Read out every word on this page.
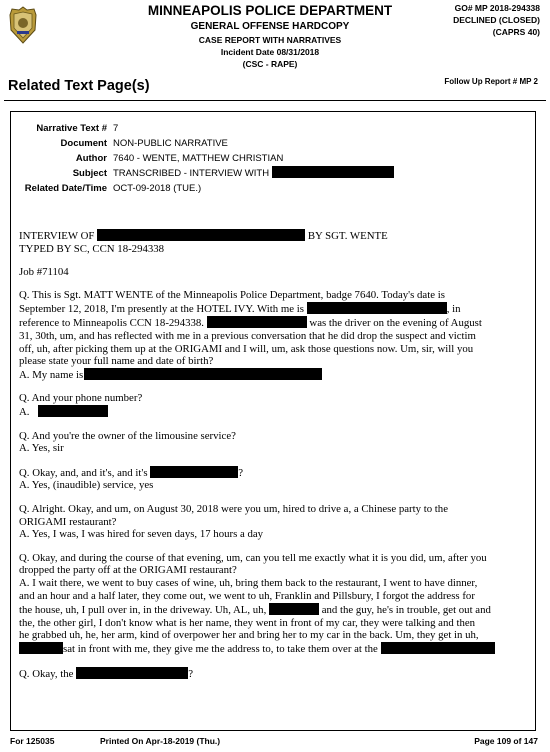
MINNEAPOLIS POLICE DEPARTMENT
GENERAL OFFENSE HARDCOPY
CASE REPORT WITH NARRATIVES
Incident Date 08/31/2018
(CSC - RAPE)
GO# MP 2018-294338
DECLINED (CLOSED)
(CAPRS 40)
Related Text Page(s)	Follow Up Report # MP 2
Narrative Text # 7
Document NON-PUBLIC NARRATIVE
Author 7640 - WENTE, MATTHEW CHRISTIAN
Subject TRANSCRIBED - INTERVIEW WITH
Related Date/Time OCT-09-2018 (TUE.)

INTERVIEW OF	BY SGT. WENTE

TYPED BY SC, CCN 18-294338

Job #71104

Q. This is Sgt. MATT WENTE of the Minneapolis Police Department, badge 7640. Today's date is

September 12, 2018, I'm presently at the HOTEL IVY. With me is	, in

reference to Minneapolis CCN 18-294338.	was the driver on the evening of August

31, 30th, um, and has reflected with me in a previous conversation that he did drop the suspect and victim

off, uh, after picking them up at the ORIGAMI and I will, um, ask those questions now. Um, sir, will you

please state your full name and date of birth?

A. My name is

Q. And your phone number?

A.

Q. And you're the owner of the limousine service?

A. Yes, sir

Q. Okay, and, and it's, and it's	?

A. Yes, (inaudible) service, yes

Q. Alright. Okay, and um, on August 30, 2018 were you um, hired to drive a, a Chinese party to the

ORIGAMI restaurant?

A. Yes, I was, I was hired for seven days, 17 hours a day

Q. Okay, and during the course of that evening, um, can you tell me exactly what it is you did, um, after you

dropped the party off at the ORIGAMI restaurant?

A. I wait there, we went to buy cases of wine, uh, bring them back to the restaurant, I went to have dinner,

and an hour and a half later, they come out, we went to uh, Franklin and Pillsbury, I forgot the address for

the house, uh, I pull over in, in the driveway. Uh, AL, uh,	and the guy, he's in trouble, get out and

the, the other girl, I don't know what is her name, they went in front of my car, they were talking and then

he grabbed uh, he, her arm, kind of overpower her and bring her to my car in the back. Um, they get in uh,

sat in front with me, they give me the address to, to take them over at the

Q. Okay, the	?

For 125035	Printed On Apr-18-2019 (Thu.)	Page 109 of 147
